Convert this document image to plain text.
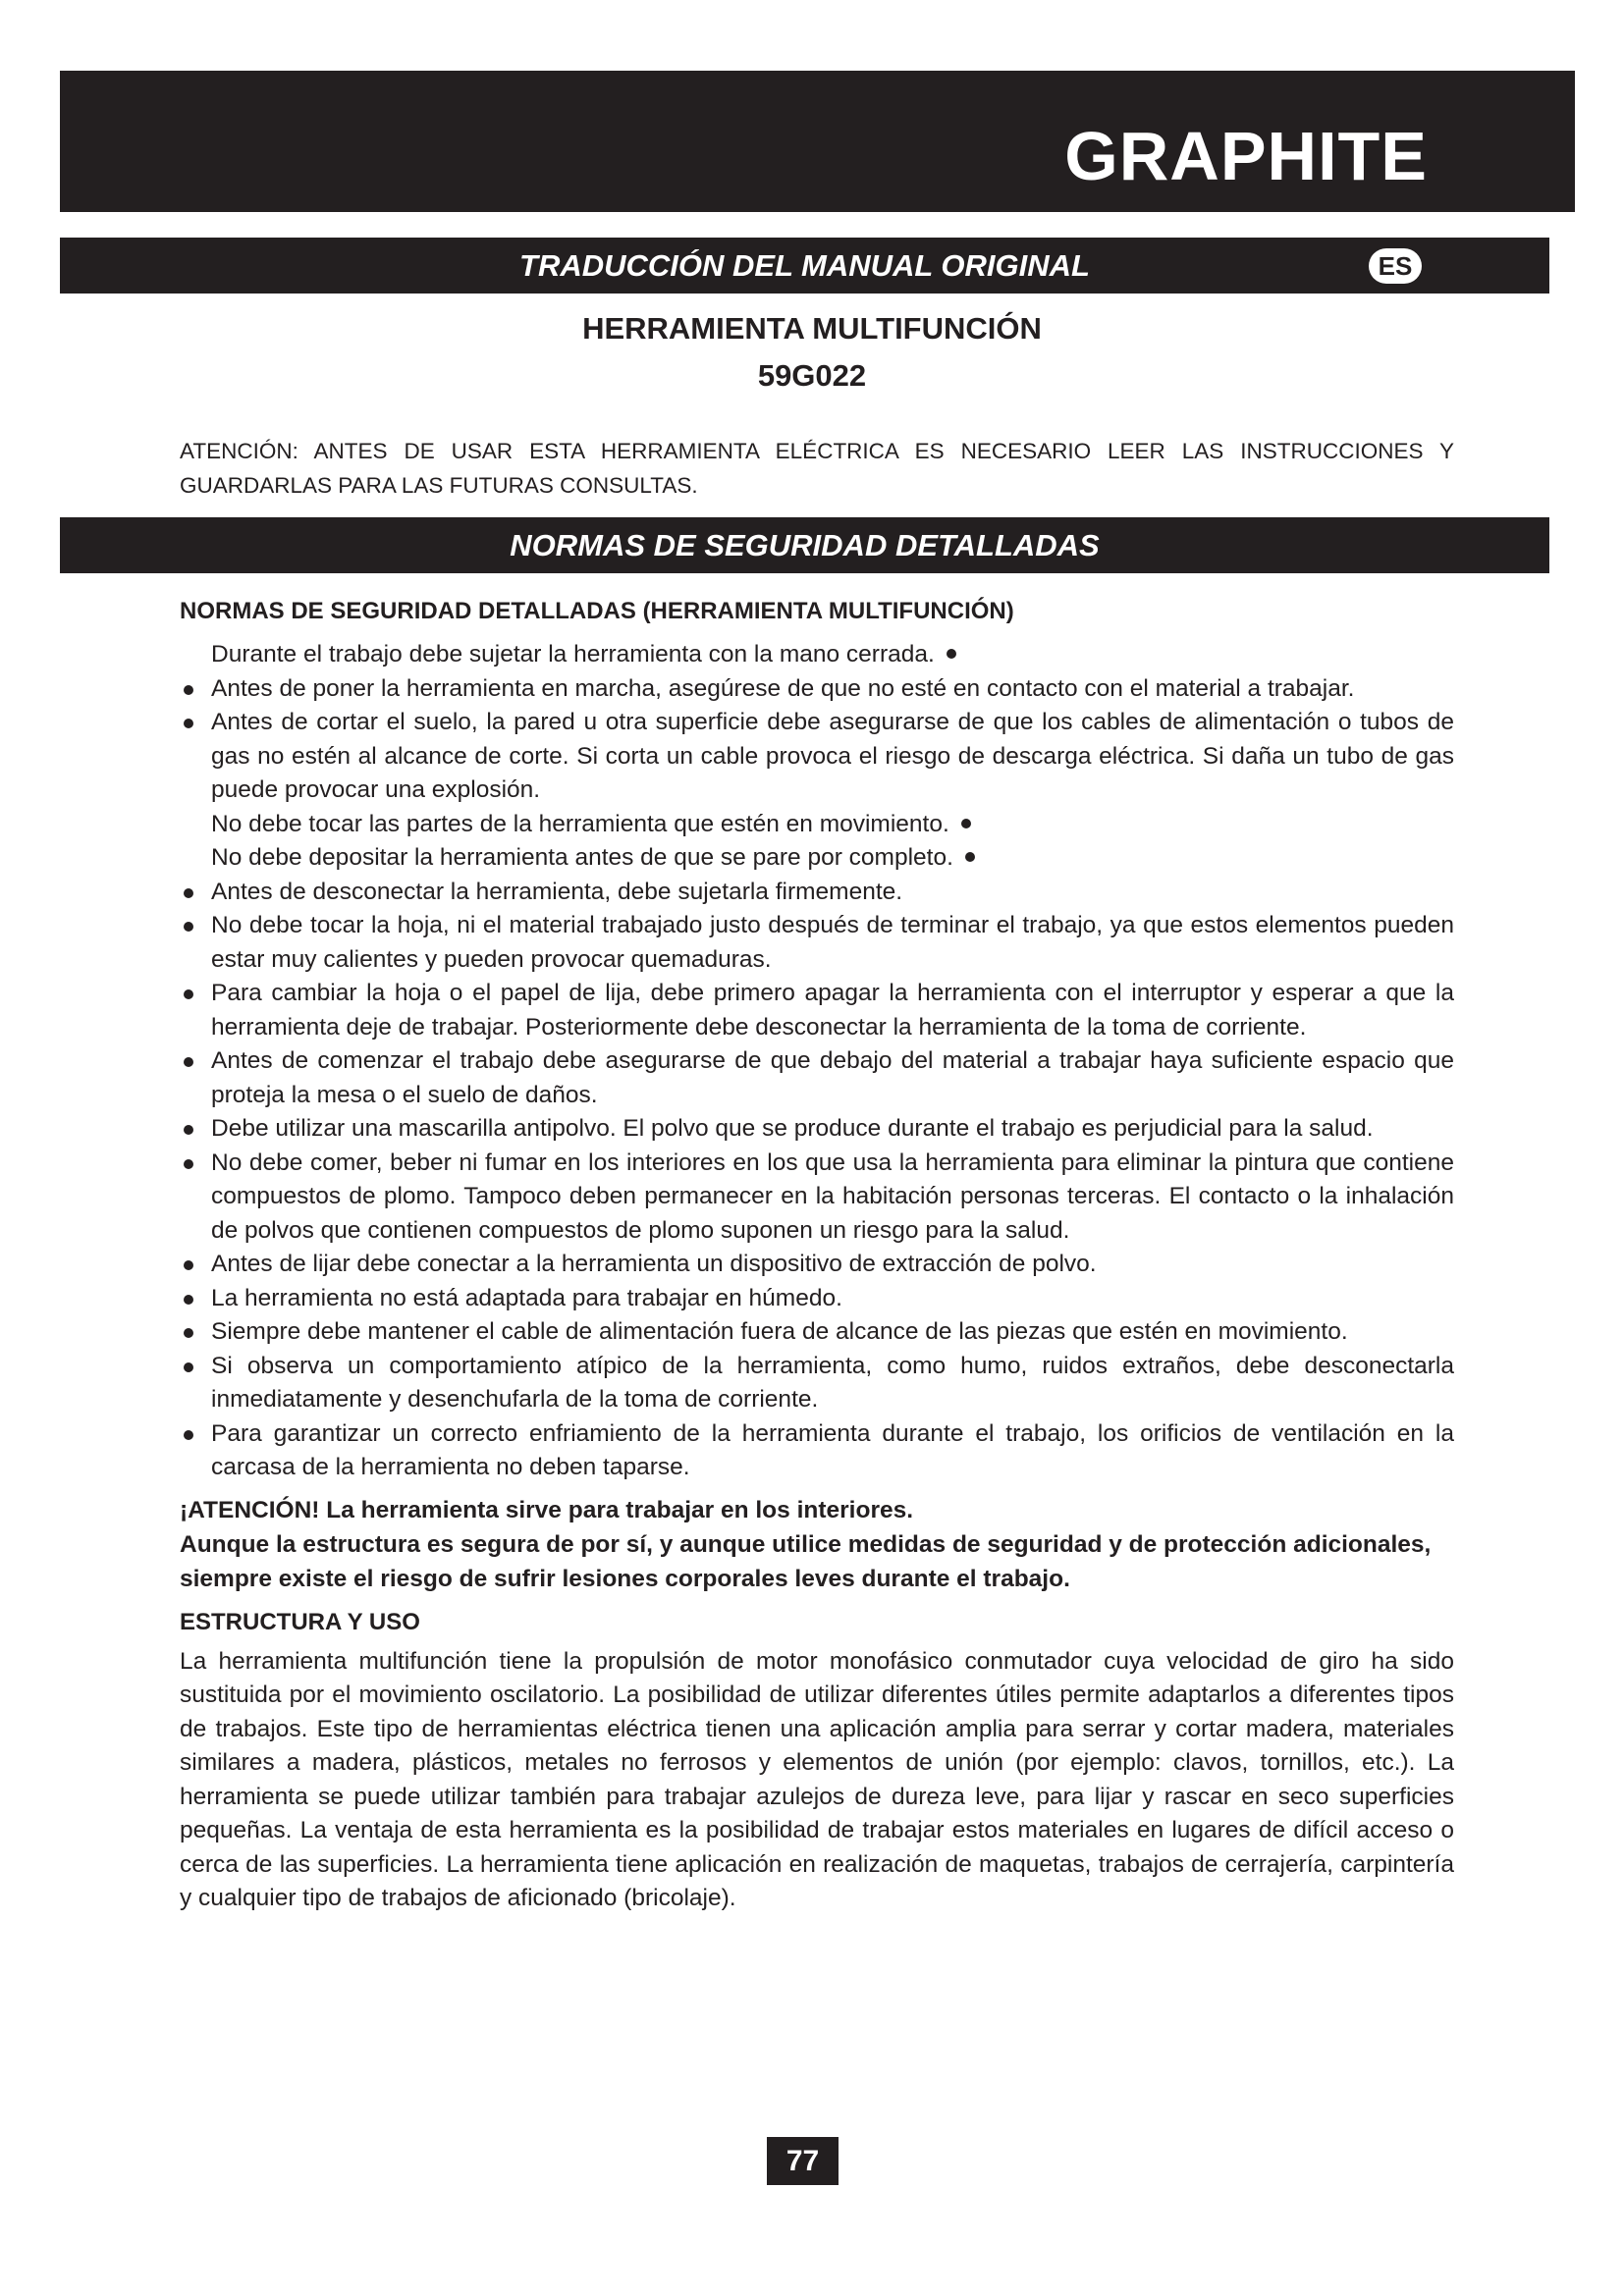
GRAPHITE
TRADUCCIÓN DEL MANUAL ORIGINAL	ES
HERRAMIENTA MULTIFUNCIÓN
59G022
ATENCIÓN: ANTES DE USAR ESTA HERRAMIENTA ELÉCTRICA ES NECESARIO LEER LAS INSTRUCCIONES Y GUARDARLAS PARA LAS FUTURAS CONSULTAS.
NORMAS DE SEGURIDAD DETALLADAS
NORMAS DE SEGURIDAD DETALLADAS (HERRAMIENTA MULTIFUNCIÓN)
Durante el trabajo debe sujetar la herramienta con la mano cerrada.
Antes de poner la herramienta en marcha, asegúrese de que no esté en contacto con el material a trabajar.
Antes de cortar el suelo, la pared u otra superficie debe asegurarse de que los cables de alimentación o tubos de gas no estén al alcance de corte. Si corta un cable provoca el riesgo de descarga eléctrica. Si daña un tubo de gas puede provocar una explosión.
No debe tocar las partes de la herramienta que estén en movimiento.
No debe depositar la herramienta antes de que se pare por completo.
Antes de desconectar la herramienta, debe sujetarla firmemente.
No debe tocar la hoja, ni el material trabajado justo después de terminar el trabajo, ya que estos elementos pueden estar muy calientes y pueden provocar quemaduras.
Para cambiar la hoja o el papel de lija, debe primero apagar la herramienta con el interruptor y esperar a que la herramienta deje de trabajar. Posteriormente debe desconectar la herramienta de la toma de corriente.
Antes de comenzar el trabajo debe asegurarse de que debajo del material a trabajar haya suficiente espacio que proteja la mesa o el suelo de daños.
Debe utilizar una mascarilla antipolvo. El polvo que se produce durante el trabajo es perjudicial para la salud.
No debe comer, beber ni fumar en los interiores en los que usa la herramienta para eliminar la pintura que contiene compuestos de plomo. Tampoco deben permanecer en la habitación personas terceras. El contacto o la inhalación de polvos que contienen compuestos de plomo suponen un riesgo para la salud.
Antes de lijar debe conectar a la herramienta un dispositivo de extracción de polvo.
La herramienta no está adaptada para trabajar en húmedo.
Siempre debe mantener el cable de alimentación fuera de alcance de las piezas que estén en movimiento.
Si observa un comportamiento atípico de la herramienta, como humo, ruidos extraños, debe desconectarla inmediatamente y desenchufarla de la toma de corriente.
Para garantizar un correcto enfriamiento de la herramienta durante el trabajo, los orificios de ventilación en la carcasa de la herramienta no deben taparse.
¡ATENCIÓN! La herramienta sirve para trabajar en los interiores.
Aunque la estructura es segura de por sí, y aunque utilice medidas de seguridad y de protección adicionales, siempre existe el riesgo de sufrir lesiones corporales leves durante el trabajo.
ESTRUCTURA Y USO

La herramienta multifunción tiene la propulsión de motor monofásico conmutador cuya velocidad de giro ha sido sustituida por el movimiento oscilatorio. La posibilidad de utilizar diferentes útiles permite adaptarlos a diferentes tipos de trabajos. Este tipo de herramientas eléctrica tienen una aplicación amplia para serrar y cortar madera, materiales similares a madera, plásticos, metales no ferrosos y elementos de unión (por ejemplo: clavos, tornillos, etc.). La herramienta se puede utilizar también para trabajar azulejos de dureza leve, para lijar y rascar en seco superficies pequeñas. La ventaja de esta herramienta es la posibilidad de trabajar estos materiales en lugares de difícil acceso o cerca de las superficies. La herramienta tiene aplicación en realización de maquetas, trabajos de cerrajería, carpintería y cualquier tipo de trabajos de aficionado (bricolaje).

77
